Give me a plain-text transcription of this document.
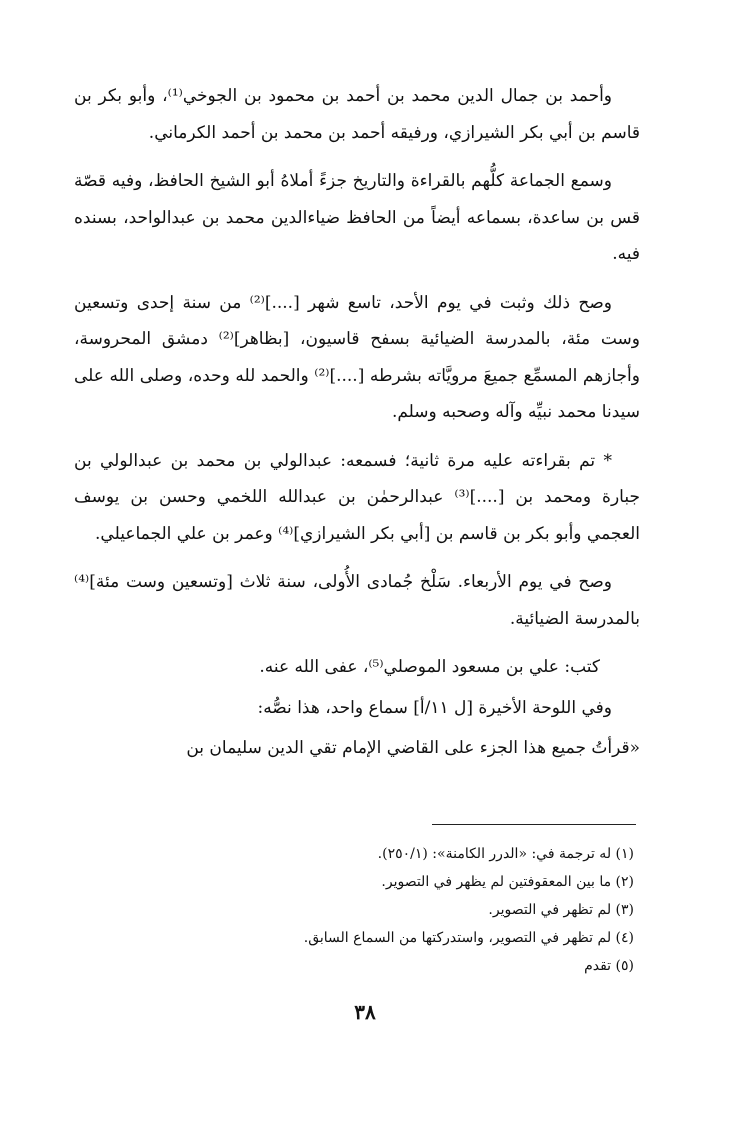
وأحمد بن جمال الدين محمد بن أحمد بن محمود بن الجوخي⁽¹⁾، وأبو بكر بن قاسم بن أبي بكر الشيرازي، ورفيقه أحمد بن محمد بن أحمد الكرماني.

وسمع الجماعة كلُّهم بالقراءة والتاريخ جزءً أملاهُ أبو الشيخ الحافظ، وفيه قصّة قس بن ساعدة، بسماعه أيضاً من الحافظ ضياءالدين محمد بن عبدالواحد، بسنده فيه.

وصح ذلك وثبت في يوم الأحد، تاسع شهر [....]⁽²⁾ من سنة إحدى وتسعين وست مئة، بالمدرسة الضيائية بسفح قاسيون، [بظاهر]⁽²⁾ دمشق المحروسة، وأجازهم المسمِّع جميعَ مرويَّاته بشرطه [....]⁽²⁾ والحمد لله وحده، وصلى الله على سيدنا محمد نبيِّه وآله وصحبه وسلم.

* تم بقراءته عليه مرة ثانية؛ فسمعه: عبدالولي بن محمد بن عبدالولي بن جبارة ومحمد بن [....]⁽³⁾ عبدالرحمٰن بن عبدالله اللخمي وحسن بن يوسف العجمي وأبو بكر بن قاسم بن [أبي بكر الشيرازي]⁽⁴⁾ وعمر بن علي الجماعيلي.

وصح في يوم الأربعاء. سَلْخ جُمادى الأُولى، سنة ثلاث [وتسعين وست مئة]⁽⁴⁾ بالمدرسة الضيائية.

كتب: علي بن مسعود الموصلي⁽⁵⁾، عفى الله عنه.

وفي اللوحة الأخيرة [ل ١١/أ] سماع واحد، هذا نصُّه:

«قرأتُ جميع هذا الجزء على القاضي الإمام تقي الدين سليمان بن

(١) له ترجمة في: «الدرر الكامنة»: (٢٥٠/١).
(٢) ما بين المعقوفتين لم يظهر في التصوير.
(٣) لم تظهر في التصوير.
(٤) لم تظهر في التصوير، واستدركتها من السماع السابق.
(٥) تقدم
٣٨
